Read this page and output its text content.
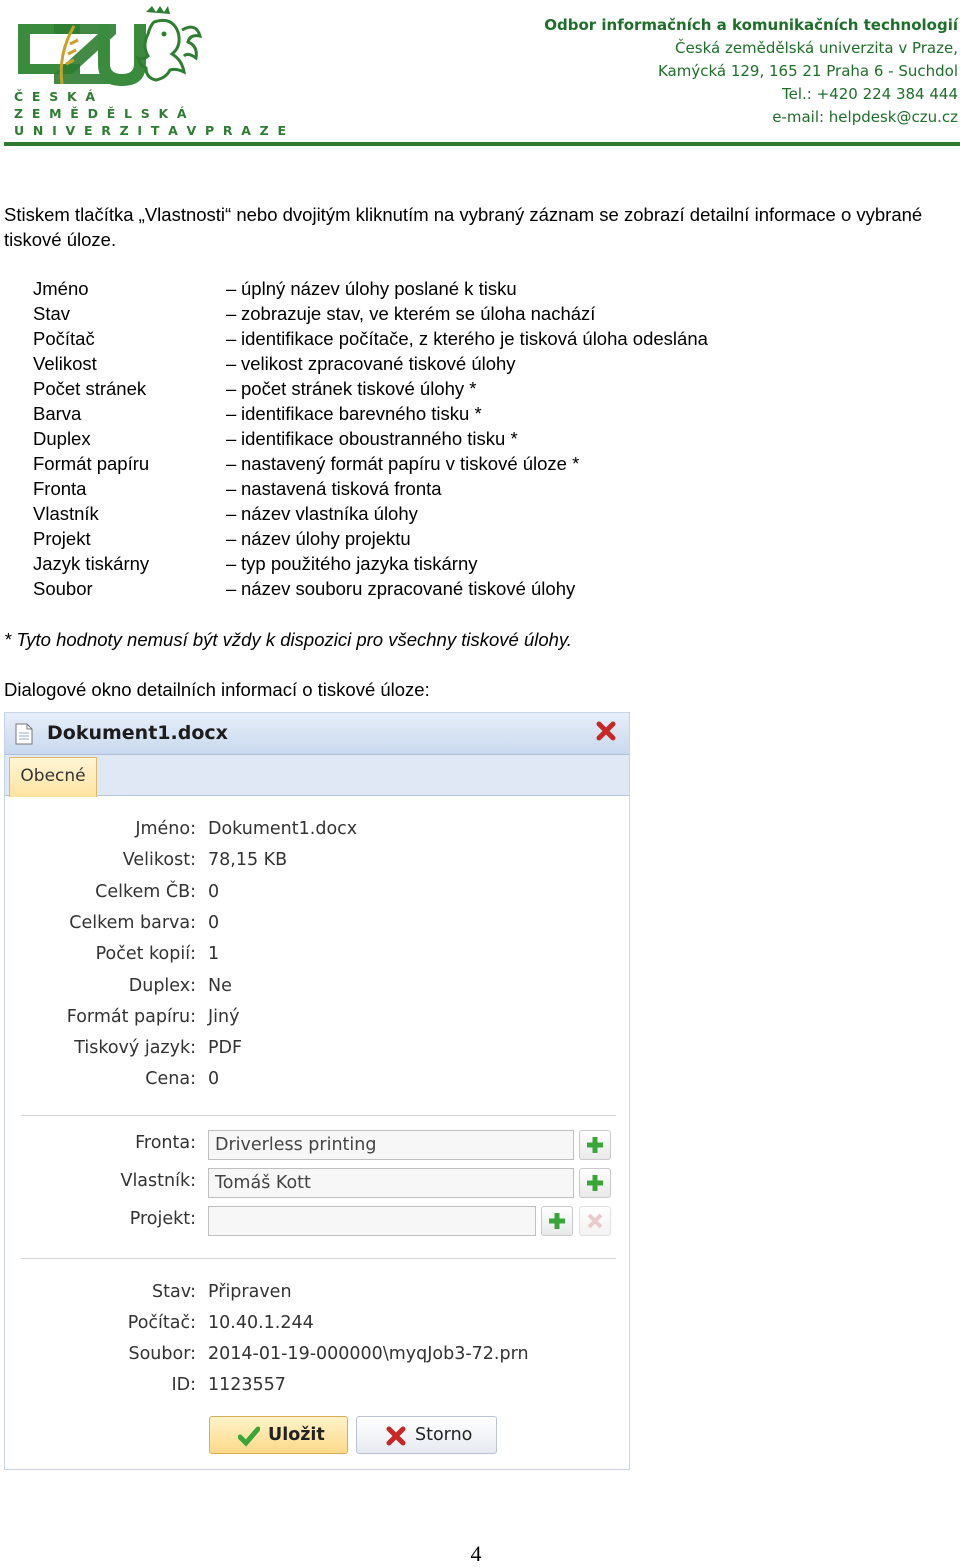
Č E S K Á
Z E M Ě D Ě L S K Á
U N I V E R Z I T A V P R A Z E
Odbor informačních a komunikačních technologií
Česká zemědělská univerzita v Praze,
Kamýcká 129, 165 21 Praha 6 - Suchdol
Tel.: +420 224 384 444
e-mail: helpdesk@czu.cz
Stiskem tlačítka „Vlastnosti“ nebo dvojitým kliknutím na vybraný záznam se zobrazí detailní informace o vybrané tiskové úloze.
Jméno	– úplný název úlohy poslané k tisku
Stav	– zobrazuje stav, ve kterém se úloha nachází
Počítač	– identifikace počítače, z kterého je tisková úloha odeslána
Velikost	– velikost zpracované tiskové úlohy
Počet stránek	– počet stránek tiskové úlohy *
Barva	– identifikace barevného tisku *
Duplex	– identifikace oboustranného tisku *
Formát papíru	– nastavený formát papíru v tiskové úloze *
Fronta	– nastavená tisková fronta
Vlastník	– název vlastníka úlohy
Projekt	– název úlohy projektu
Jazyk tiskárny	– typ použitého jazyka tiskárny
Soubor	– název souboru zpracované tiskové úlohy
* Tyto hodnoty nemusí být vždy k dispozici pro všechny tiskové úlohy.
Dialogové okno detailních informací o tiskové úloze:
Dokument1.docx
Obecné
Jméno: Dokument1.docx
Velikost: 78,15 KB
Celkem ČB: 0
Celkem barva: 0
Počet kopií: 1
Duplex: Ne
Formát papíru: Jiný
Tiskový jazyk: PDF
Cena: 0
Fronta:	Driverless printing
Vlastník:	Tomáš Kott
Projekt:
Stav: Připraven
Počítač: 10.40.1.244
Soubor: 2014-01-19-000000\myqJob3-72.prn
ID: 1123557
Uložit	Storno
4
